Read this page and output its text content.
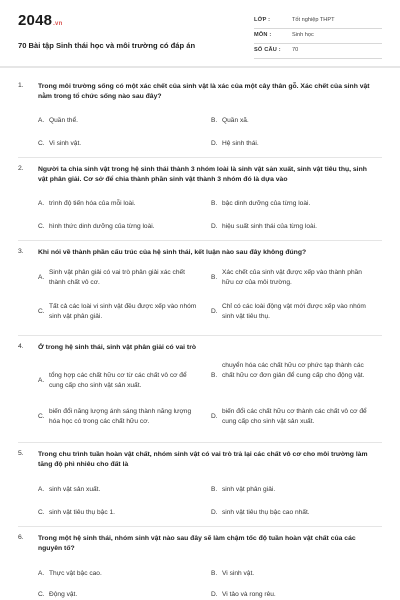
2048.vn
70 Bài tập Sinh thái học và môi trường có đáp án
LỚP :	Tốt nghiệp THPT
MÔN :	Sinh học
SỐ CÂU : 70
1. Trong môi trường sống có một xác chết của sinh vật là xác của một cây thân gỗ. Xác chết của sinh vật nằm trong tổ chức sống nào sau đây?
A. Quần thể.	B. Quần xã.
C. Vi sinh vật.	D. Hệ sinh thái.
2. Người ta chia sinh vật trong hệ sinh thái thành 3 nhóm loài là sinh vật sản xuất, sinh vật tiêu thụ, sinh vật phân giải. Cơ sở để chia thành phần sinh vật thành 3 nhóm đó là dựa vào
A. trình độ tiến hóa của mỗi loài.	B. bậc dinh dưỡng của từng loài.
C. hình thức dinh dưỡng của từng loài.	D. hiệu suất sinh thái của từng loài.
3. Khi nói về thành phần cấu trúc của hệ sinh thái, kết luận nào sau đây không đúng?
A.
Sinh vật phân giải có vai trò phân giải xác chết thành chất vô cơ.
B.
Xác chết của sinh vật được xếp vào thành phần hữu cơ của môi trường.
C.
Tất cả các loài vi sinh vật đều được xếp vào nhóm sinh vật phân giải.
D.
Chỉ có các loài động vật mới được xếp vào nhóm sinh vật tiêu thụ.
4. Ở trong hệ sinh thái, sinh vật phân giải có vai trò
A.
tổng hợp các chất hữu cơ từ các chất vô cơ để cung cấp cho sinh vật sản xuất.
B.
chuyển hóa các chất hữu cơ phức tạp thành các chất hữu cơ đơn giản để cung cấp cho động vật.
C.
biến đổi năng lượng ánh sáng thành năng lượng hóa học có trong các chất hữu cơ.
D.
biến đổi các chất hữu cơ thành các chất vô cơ để cung cấp cho sinh vật sản xuất.
5. Trong chu trình tuần hoàn vật chất, nhóm sinh vật có vai trò trả lại các chất vô cơ cho môi trường làm tăng độ phì nhiêu cho đất là
A. sinh vật sản xuất.	B. sinh vật phân giải.
C. sinh vật tiêu thụ bậc 1.	D. sinh vật tiêu thụ bậc cao nhất.
6. Trong một hệ sinh thái, nhóm sinh vật nào sau đây sẽ làm chậm tốc độ tuần hoàn vật chất của các nguyên tố?
A. Thực vật bậc cao.	B. Vi sinh vật.
C. Động vật.	D. Vi tảo và rong rêu.
